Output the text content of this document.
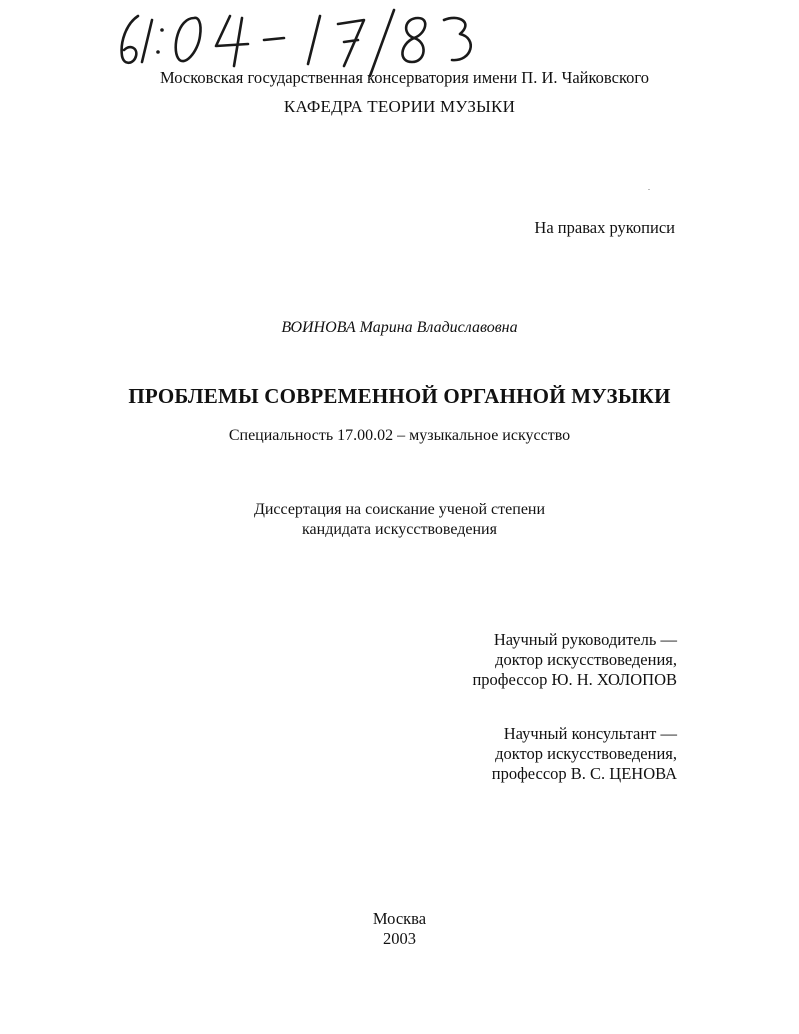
Московская государственная консерватория имени П. И. Чайковского
КАФЕДРА ТЕОРИИ МУЗЫКИ
На правах рукописи
ВОИНОВА Марина Владиславовна
ПРОБЛЕМЫ СОВРЕМЕННОЙ ОРГАННОЙ МУЗЫКИ
Специальность 17.00.02 – музыкальное искусство
Диссертация на соискание ученой степени
кандидата искусствоведения
Научный руководитель —
доктор искусствоведения,
профессор Ю. Н. ХОЛОПОВ
Научный консультант —
доктор искусствоведения,
профессор В. С. ЦЕНОВА
Москва
2003
